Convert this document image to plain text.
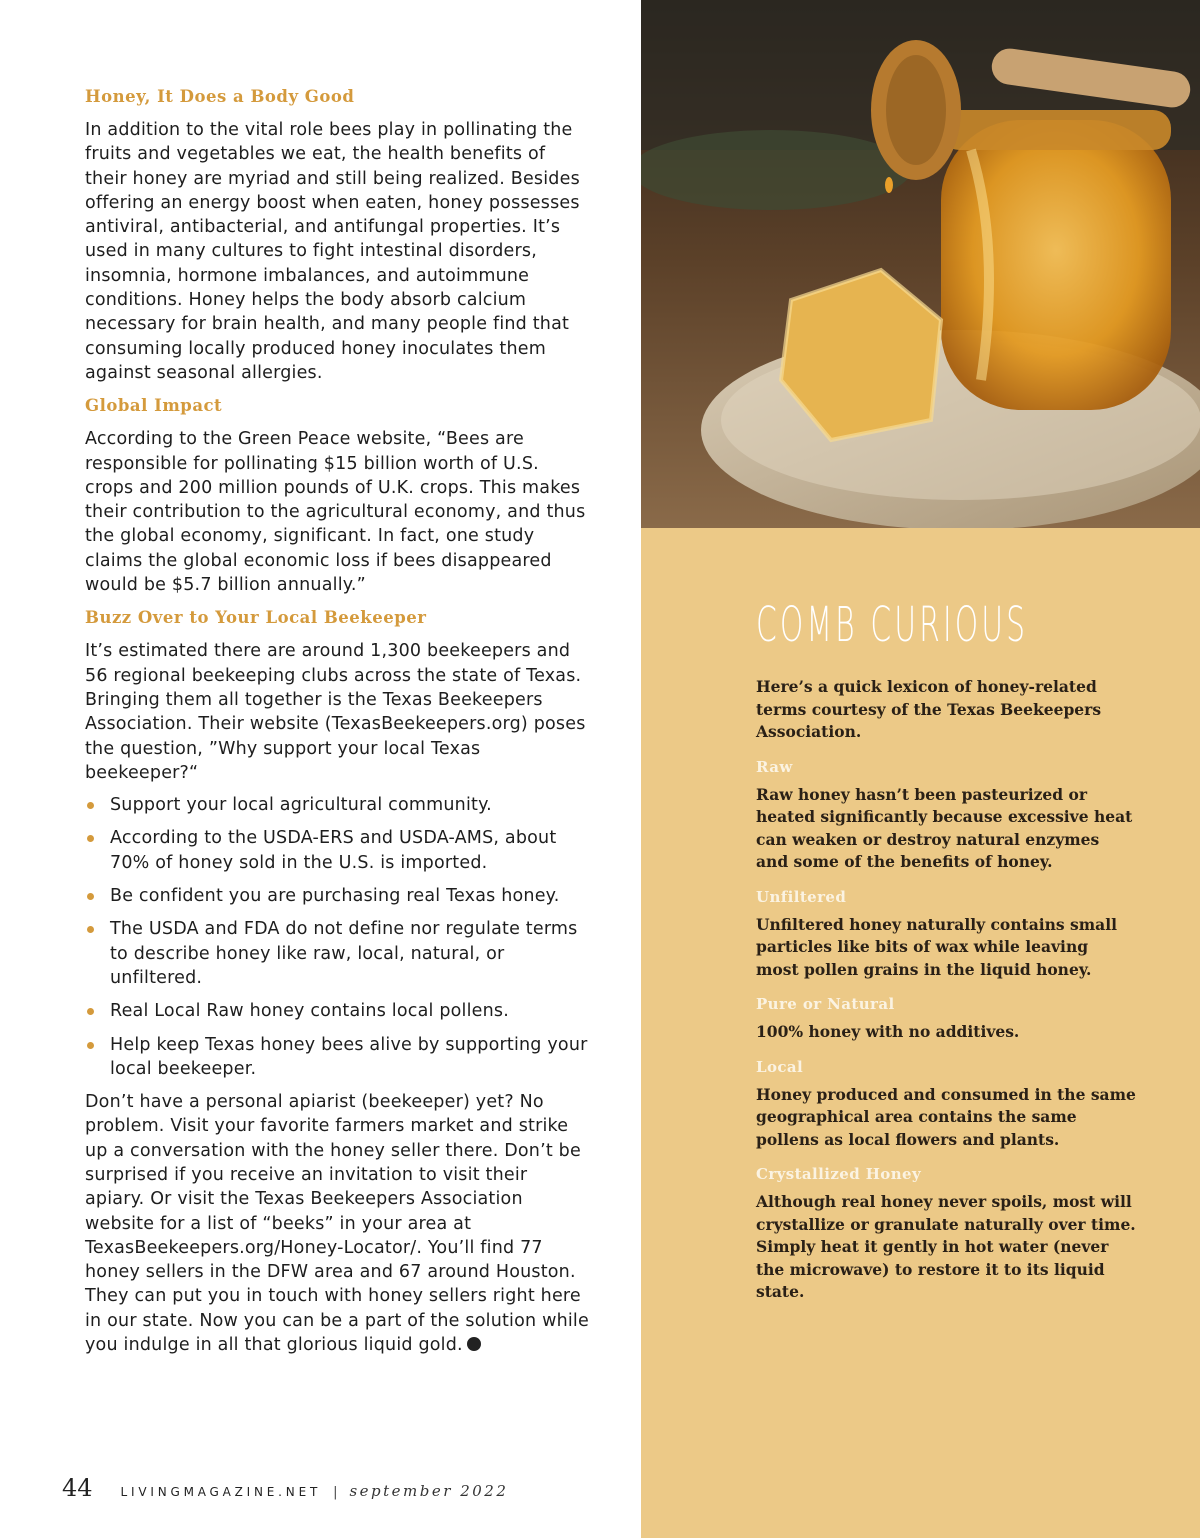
Honey, It Does a Body Good

In addition to the vital role bees play in pollinating the fruits and vegetables we eat, the health benefits of their honey are myriad and still being realized. Besides offering an energy boost when eaten, honey possesses antiviral, antibacterial, and antifungal properties. It’s used in many cultures to fight intestinal disorders, insomnia, hormone imbalances, and autoimmune conditions. Honey helps the body absorb calcium necessary for brain health, and many people find that consuming locally produced honey inoculates them against seasonal allergies.

Global Impact

According to the Green Peace website, “Bees are responsible for pollinating $15 billion worth of U.S. crops and 200 million pounds of U.K. crops. This makes their contribution to the agricultural economy, and thus the global economy, significant. In fact, one study claims the global economic loss if bees disappeared would be $5.7 billion annually.”

Buzz Over to Your Local Beekeeper

It’s estimated there are around 1,300 beekeepers and 56 regional beekeeping clubs across the state of Texas. Bringing them all together is the Texas Beekeepers Association. Their website (TexasBeekeepers.org) poses the question, ”Why support your local Texas beekeeper?“

Support your local agricultural community.
According to the USDA-ERS and USDA-AMS, about 70% of honey sold in the U.S. is imported.
Be confident you are purchasing real Texas honey.
The USDA and FDA do not define nor regulate terms to describe honey like raw, local, natural, or unfiltered.
Real Local Raw honey contains local pollens.
Help keep Texas honey bees alive by supporting your local beekeeper.

Don’t have a personal apiarist (beekeeper) yet? No problem. Visit your favorite farmers market and strike up a conversation with the honey seller there. Don’t be surprised if you receive an invitation to visit their apiary. Or visit the Texas Beekeepers Association website for a list of “beeks” in your area at TexasBeekeepers.org/Honey-Locator/. You’ll find 77 honey sellers in the DFW area and 67 around Houston. They can put you in touch with honey sellers right here in our state. Now you can be a part of the solution while you indulge in all that glorious liquid gold.

COMB CURIOUS

Here’s a quick lexicon of honey-related terms courtesy of the Texas Beekeepers Association.

Raw

Raw honey hasn’t been pasteurized or heated significantly because excessive heat can weaken or destroy natural enzymes and some of the benefits of honey.

Unfiltered

Unfiltered honey naturally contains small particles like bits of wax while leaving most pollen grains in the liquid honey.

Pure or Natural

100% honey with no additives.

Local

Honey produced and consumed in the same geographical area contains the same pollens as local flowers and plants.

Crystallized Honey

Although real honey never spoils, most will crystallize or granulate naturally over time. Simply heat it gently in hot water (never the microwave) to restore it to its liquid state.

44 LIVINGMAGAZINE.NET | september 2022
